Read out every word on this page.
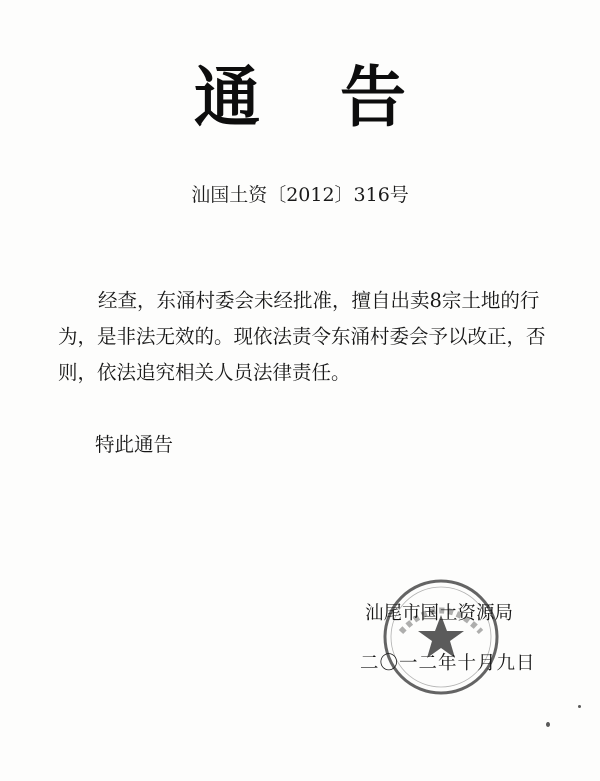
通告
汕国土资〔2012〕316号

经查，东涌村委会未经批准，擅自出卖8宗土地的行为，是非法无效的。现依法责令东涌村委会予以改正，否则，依法追究相关人员法律责任。

特此通告
汕尾市国土资源局
二〇一二年十月九日
